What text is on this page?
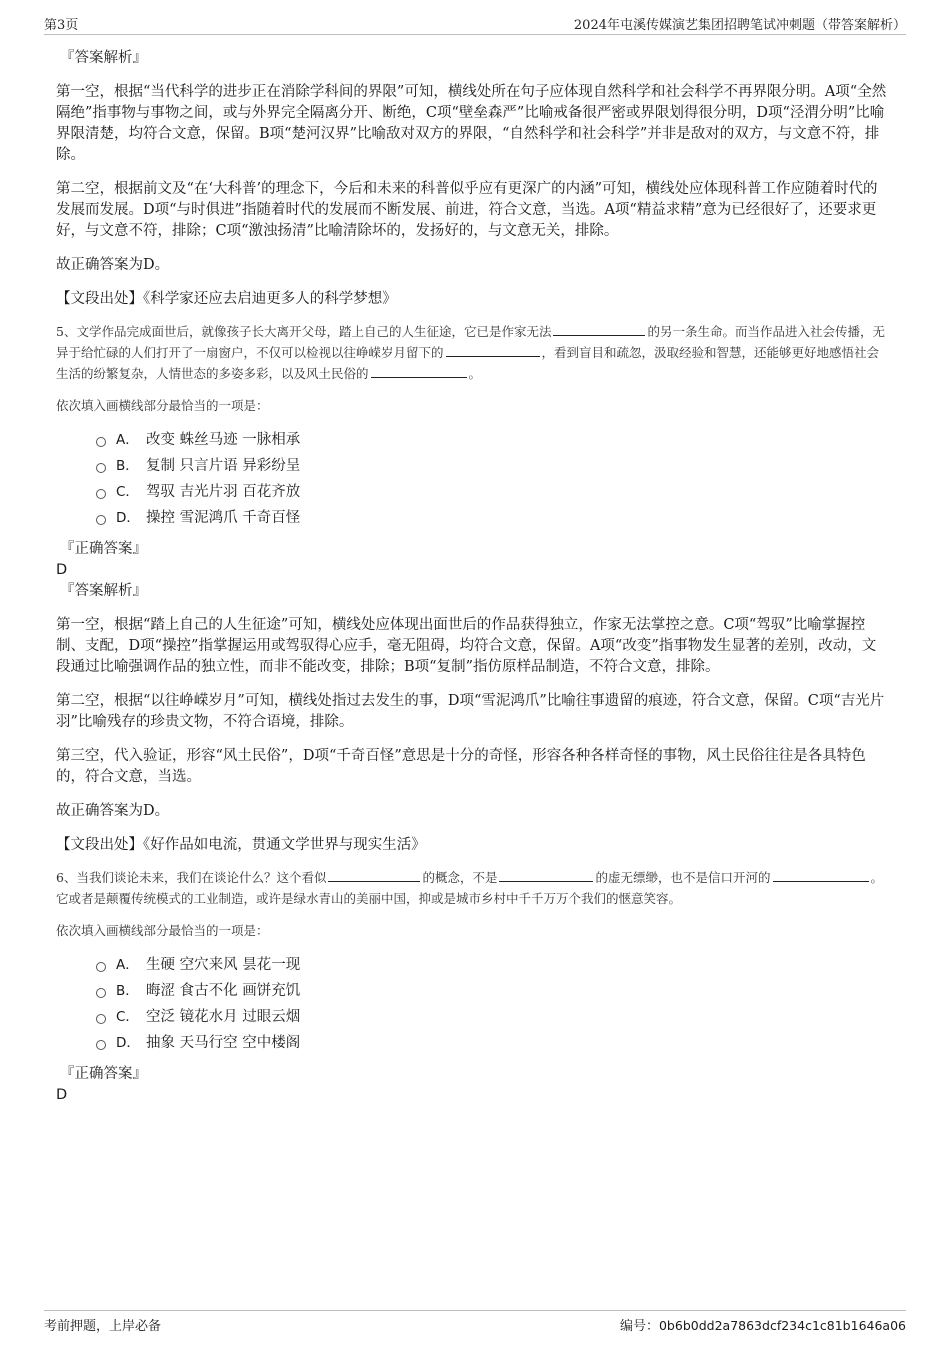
第3页	2024年屯溪传媒演艺集团招聘笔试冲刺题（带答案解析）

『答案解析』

第一空，根据“当代科学的进步正在消除学科间的界限”可知，横线处所在句子应体现自然科学和社会科学不再界限分明。A项“全然隔绝”指事物与事物之间，或与外界完全隔离分开、断绝，C项“壁垒森严”比喻戒备很严密或界限划得很分明，D项“泾渭分明”比喻界限清楚，均符合文意，保留。B项“楚河汉界”比喻敌对双方的界限，“自然科学和社会科学”并非是敌对的双方，与文意不符，排除。

第二空，根据前文及“在‘大科普’的理念下，今后和未来的科普似乎应有更深广的内涵”可知，横线处应体现科普工作应随着时代的发展而发展。D项“与时俱进”指随着时代的发展而不断发展、前进，符合文意，当选。A项“精益求精”意为已经很好了，还要求更好，与文意不符，排除；C项“激浊扬清”比喻清除坏的，发扬好的，与文意无关，排除。

故正确答案为D。

【文段出处】《科学家还应去启迪更多人的科学梦想》

5、文学作品完成面世后，就像孩子长大离开父母，踏上自己的人生征途，它已是作家无法	的另一条生命。而当作品进入社会传播，无异于给忙碌的人们打开了一扇窗户，不仅可以检视以往峥嵘岁月留下的	，看到盲目和疏忽，汲取经验和智慧，还能够更好地感悟社会生活的纷繁复杂，人情世态的多姿多彩，以及风土民俗的	。

依次填入画横线部分最恰当的一项是：

A． 改变 蛛丝马迹 一脉相承
B． 复制 只言片语 异彩纷呈
C． 驾驭 吉光片羽 百花齐放
D． 操控 雪泥鸿爪 千奇百怪

『正确答案』

D

『答案解析』

第一空，根据“踏上自己的人生征途”可知，横线处应体现出面世后的作品获得独立，作家无法掌控之意。C项“驾驭”比喻掌握控制、支配，D项“操控”指掌握运用或驾驭得心应手，毫无阻碍，均符合文意，保留。A项“改变”指事物发生显著的差别，改动，文段通过比喻强调作品的独立性，而非不能改变，排除；B项“复制”指仿原样品制造，不符合文意，排除。

第二空，根据“以往峥嵘岁月”可知，横线处指过去发生的事，D项“雪泥鸿爪”比喻往事遗留的痕迹，符合文意，保留。C项“吉光片羽”比喻残存的珍贵文物，不符合语境，排除。

第三空，代入验证，形容“风土民俗”，D项“千奇百怪”意思是十分的奇怪，形容各种各样奇怪的事物，风土民俗往往是各具特色的，符合文意，当选。

故正确答案为D。

【文段出处】《好作品如电流，贯通文学世界与现实生活》

6、当我们谈论未来，我们在谈论什么？这个看似	的概念，不是	的虚无缥缈，也不是信口开河的	。它或者是颠覆传统模式的工业制造，或许是绿水青山的美丽中国，抑或是城市乡村中千千万万个我们的惬意笑容。

依次填入画横线部分最恰当的一项是：

A． 生硬 空穴来风 昙花一现
B． 晦涩 食古不化 画饼充饥
C． 空泛 镜花水月 过眼云烟
D． 抽象 天马行空 空中楼阁

『正确答案』

D

考前押题，上岸必备	编号：0b6b0dd2a7863dcf234c1c81b1646a06
